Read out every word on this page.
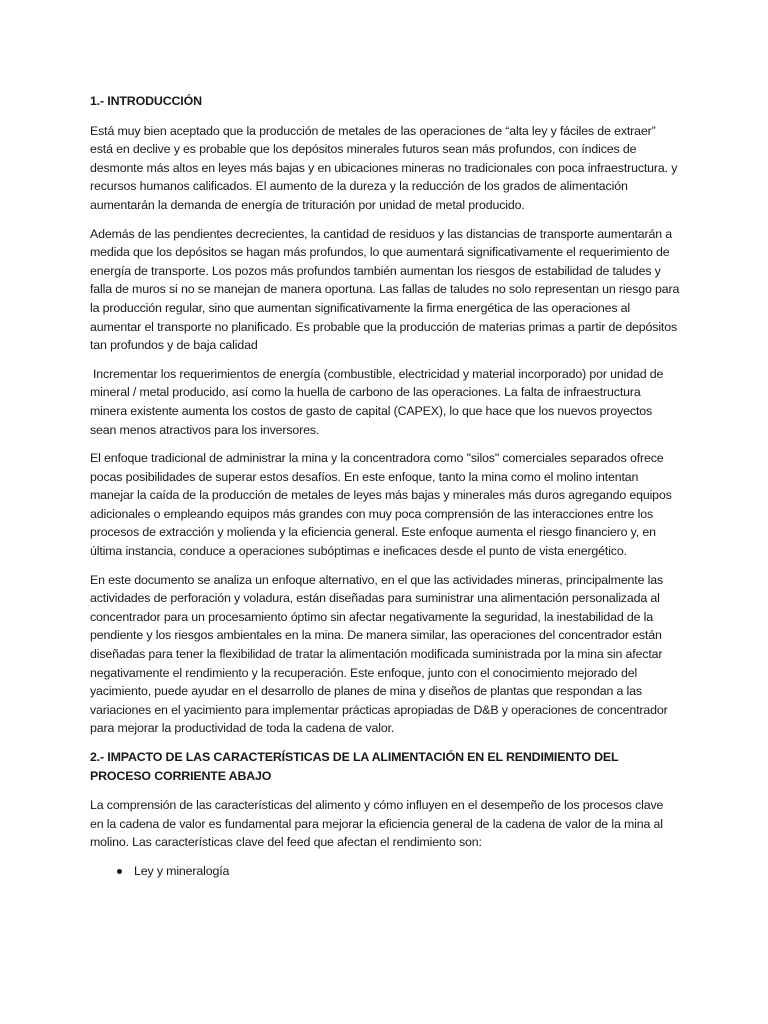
1.- INTRODUCCIÓN

Está muy bien aceptado que la producción de metales de las operaciones de “alta ley y fáciles de extraer” está en declive y es probable que los depósitos minerales futuros sean más profundos, con índices de desmonte más altos en leyes más bajas y en ubicaciones mineras no tradicionales con poca infraestructura. y recursos humanos calificados. El aumento de la dureza y la reducción de los grados de alimentación aumentarán la demanda de energía de trituración por unidad de metal producido.

Además de las pendientes decrecientes, la cantidad de residuos y las distancias de transporte aumentarán a medida que los depósitos se hagan más profundos, lo que aumentará significativamente el requerimiento de energía de transporte. Los pozos más profundos también aumentan los riesgos de estabilidad de taludes y falla de muros si no se manejan de manera oportuna. Las fallas de taludes no solo representan un riesgo para la producción regular, sino que aumentan significativamente la firma energética de las operaciones al aumentar el transporte no planificado. Es probable que la producción de materias primas a partir de depósitos tan profundos y de baja calidad

Incrementar los requerimientos de energía (combustible, electricidad y material incorporado) por unidad de mineral / metal producido, así como la huella de carbono de las operaciones. La falta de infraestructura minera existente aumenta los costos de gasto de capital (CAPEX), lo que hace que los nuevos proyectos sean menos atractivos para los inversores.

El enfoque tradicional de administrar la mina y la concentradora como "silos" comerciales separados ofrece pocas posibilidades de superar estos desafíos. En este enfoque, tanto la mina como el molino intentan manejar la caída de la producción de metales de leyes más bajas y minerales más duros agregando equipos adicionales o empleando equipos más grandes con muy poca comprensión de las interacciones entre los procesos de extracción y molienda y la eficiencia general. Este enfoque aumenta el riesgo financiero y, en última instancia, conduce a operaciones subóptimas e ineficaces desde el punto de vista energético.

En este documento se analiza un enfoque alternativo, en el que las actividades mineras, principalmente las actividades de perforación y voladura, están diseñadas para suministrar una alimentación personalizada al concentrador para un procesamiento óptimo sin afectar negativamente la seguridad, la inestabilidad de la pendiente y los riesgos ambientales en la mina. De manera similar, las operaciones del concentrador están diseñadas para tener la flexibilidad de tratar la alimentación modificada suministrada por la mina sin afectar negativamente el rendimiento y la recuperación. Este enfoque, junto con el conocimiento mejorado del yacimiento, puede ayudar en el desarrollo de planes de mina y diseños de plantas que respondan a las variaciones en el yacimiento para implementar prácticas apropiadas de D&B y operaciones de concentrador para mejorar la productividad de toda la cadena de valor.

2.- IMPACTO DE LAS CARACTERÍSTICAS DE LA ALIMENTACIÓN EN EL RENDIMIENTO DEL PROCESO CORRIENTE ABAJO

La comprensión de las características del alimento y cómo influyen en el desempeño de los procesos clave en la cadena de valor es fundamental para mejorar la eficiencia general de la cadena de valor de la mina al molino. Las características clave del feed que afectan el rendimiento son:

Ley y mineralogía
